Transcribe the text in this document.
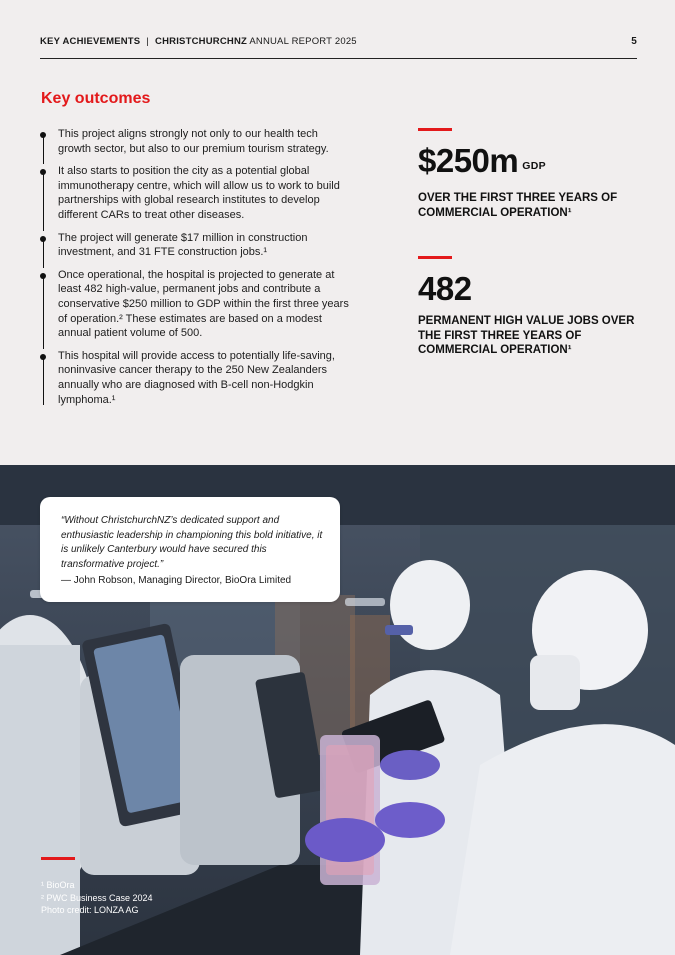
KEY ACHIEVEMENTS | CHRISTCHURCHNZ ANNUAL REPORT 2025	5
Key outcomes
This project aligns strongly not only to our health tech growth sector, but also to our premium tourism strategy.
It also starts to position the city as a potential global immunotherapy centre, which will allow us to work to build partnerships with global research institutes to develop different CARs to treat other diseases.
The project will generate $17 million in construction investment, and 31 FTE construction jobs.¹
Once operational, the hospital is projected to generate at least 482 high-value, permanent jobs and contribute a conservative $250 million to GDP within the first three years of operation.² These estimates are based on a modest annual patient volume of 500.
This hospital will provide access to potentially life-saving, noninvasive cancer therapy to the 250 New Zealanders annually who are diagnosed with B-cell non-Hodgkin lymphoma.¹
$250m GDP
OVER THE FIRST THREE YEARS OF COMMERCIAL OPERATION¹
482
PERMANENT HIGH VALUE JOBS OVER THE FIRST THREE YEARS OF COMMERCIAL OPERATION¹
“Without ChristchurchNZ’s dedicated support and enthusiastic leadership in championing this bold initiative, it is unlikely Canterbury would have secured this transformative project.”
— John Robson, Managing Director, BioOra Limited
¹ BioOra
² PWC Business Case 2024
Photo credit: LONZA AG
